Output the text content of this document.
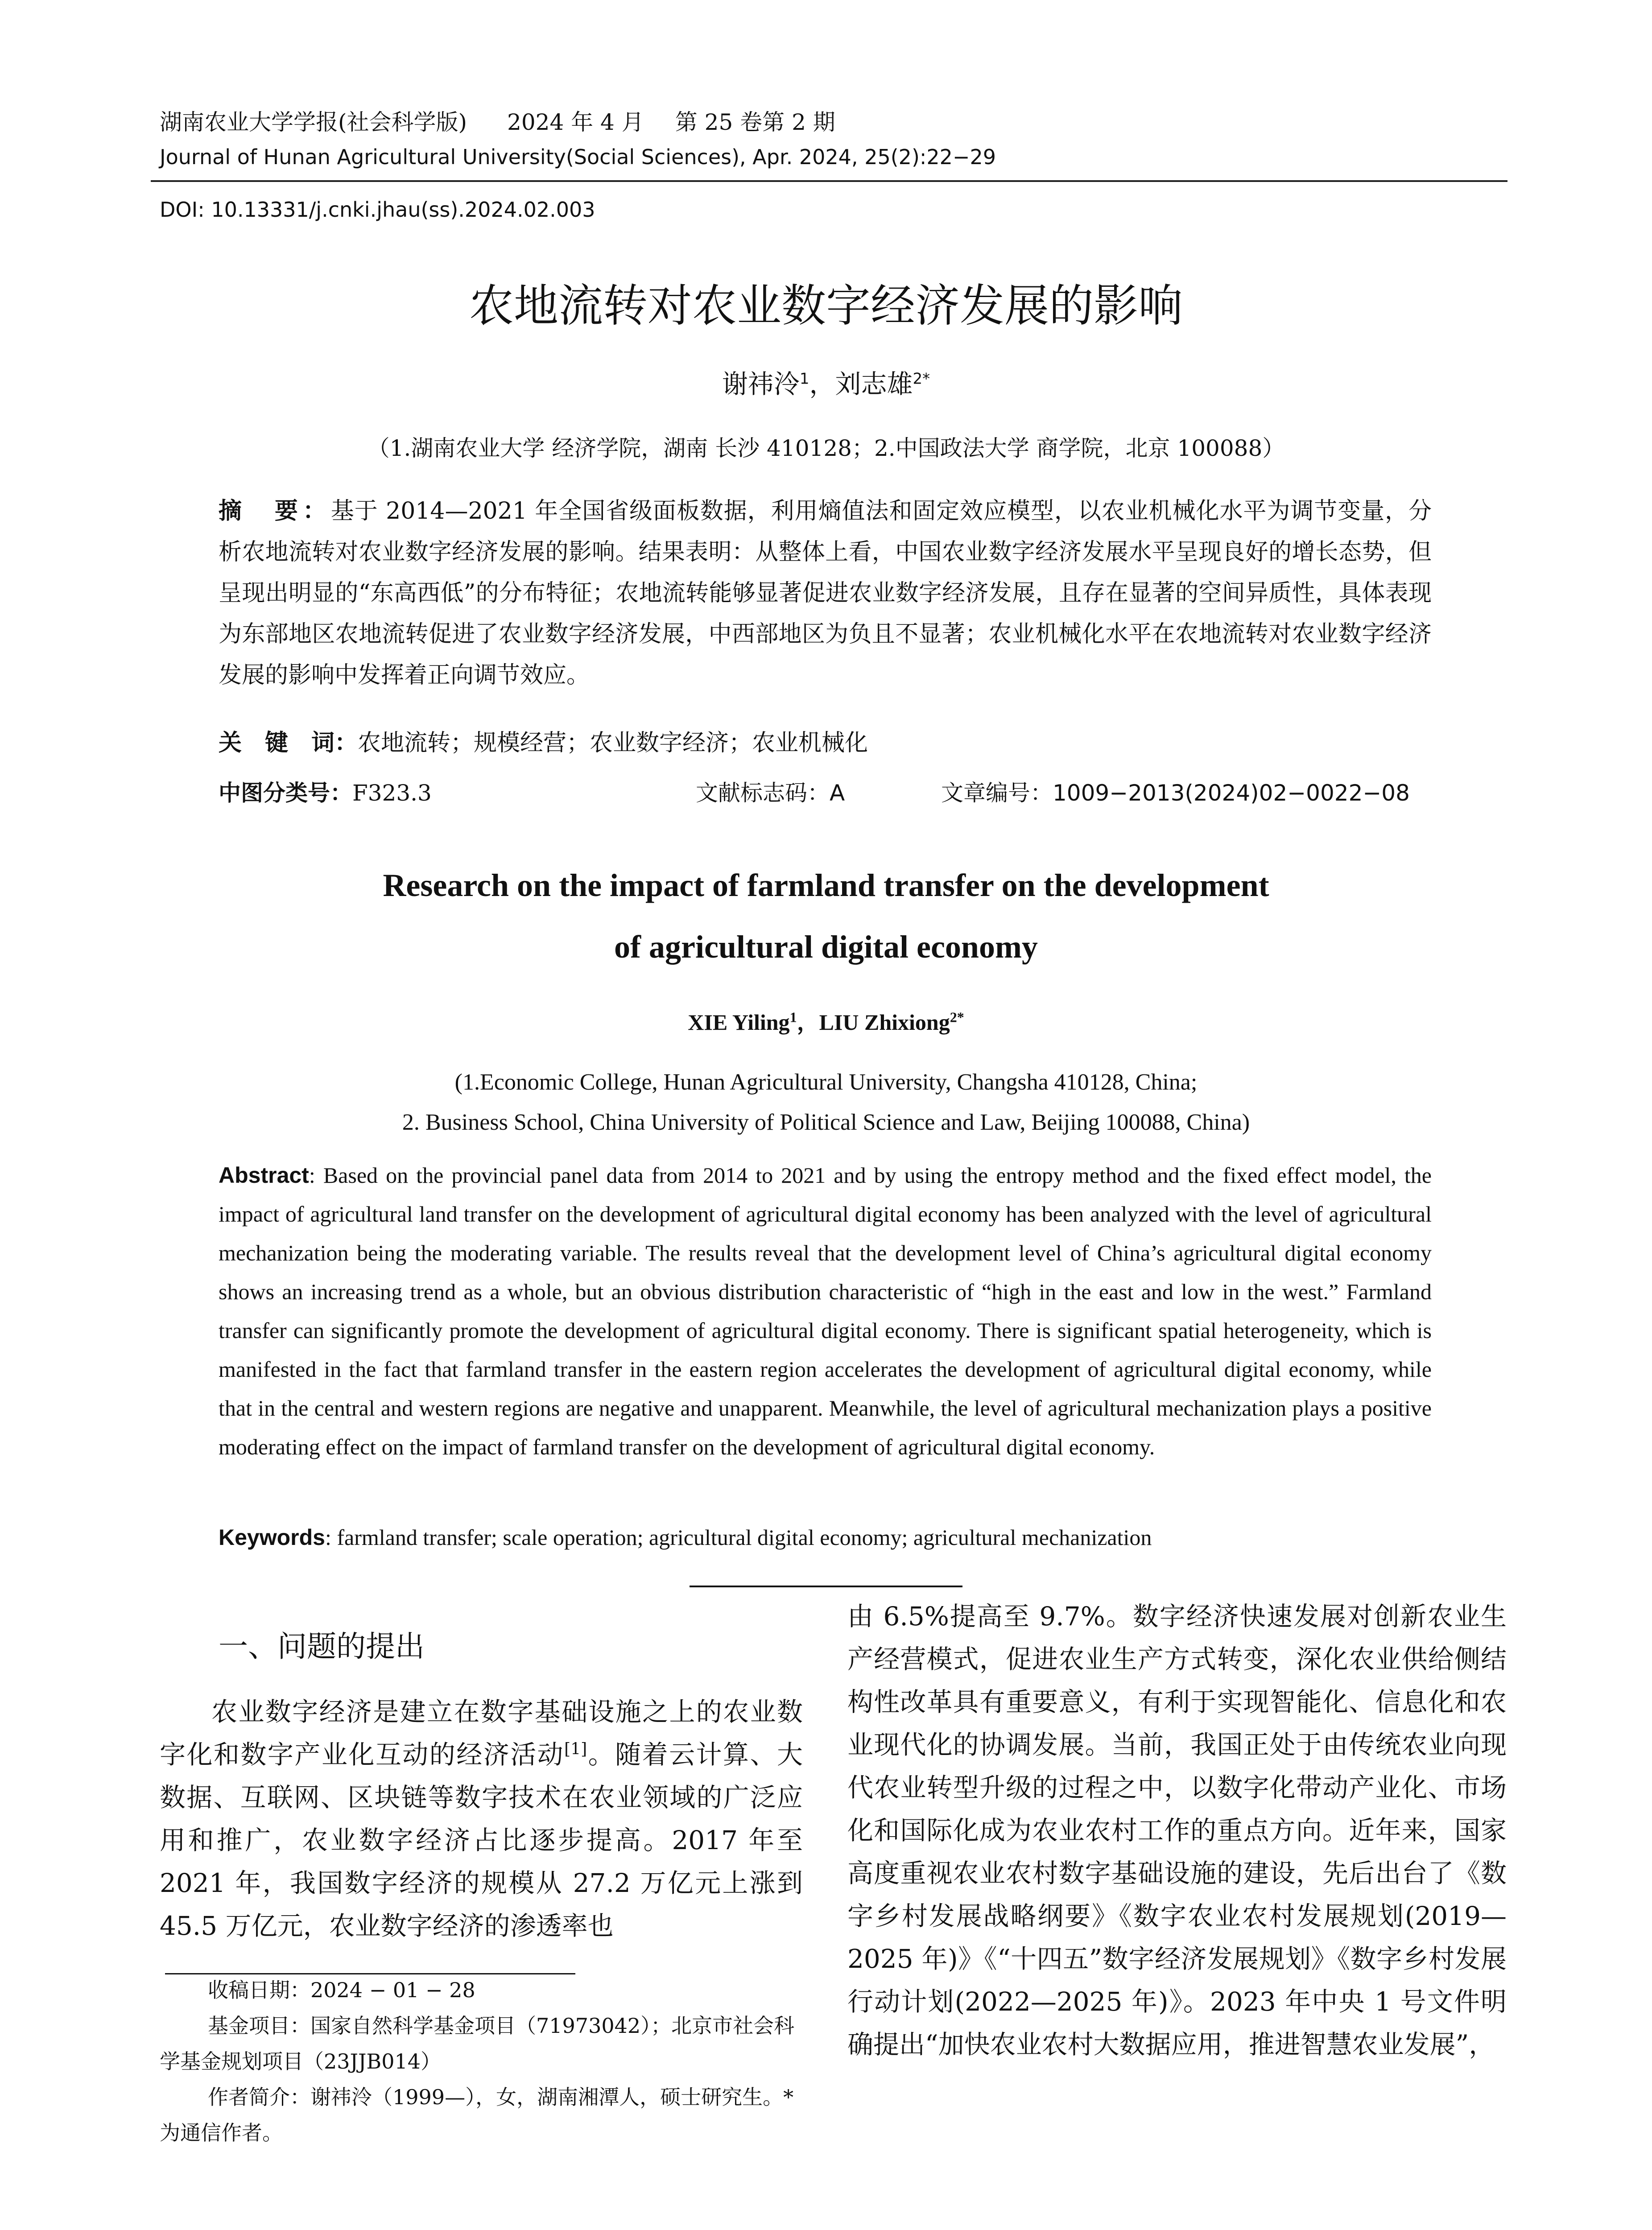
湖南农业大学学报(社会科学版) 2024 年 4 月 第 25 卷第 2 期
Journal of Hunan Agricultural University(Social Sciences), Apr. 2024, 25(2):22−29
DOI: 10.13331/j.cnki.jhau(ss).2024.02.003
农地流转对农业数字经济发展的影响
谢祎泠$^1$，刘志雄$^{2*}$
（1.湖南农业大学 经济学院，湖南 长沙 410128；2.中国政法大学 商学院，北京 100088）
摘　要：基于 2014—2021 年全国省级面板数据，利用熵值法和固定效应模型，以农业机械化水平为调节变量，分析农地流转对农业数字经济发展的影响。结果表明：从整体上看，中国农业数字经济发展水平呈现良好的增长态势，但呈现出明显的“东高西低”的分布特征；农地流转能够显著促进农业数字经济发展，且存在显著的空间异质性，具体表现为东部地区农地流转促进了农业数字经济发展，中西部地区为负且不显著；农业机械化水平在农地流转对农业数字经济发展的影响中发挥着正向调节效应。
关　键　词：农地流转；规模经营；农业数字经济；农业机械化
中图分类号：F323.3	文献标志码：A	文章编号：1009−2013(2024)02−0022−08
Research on the impact of farmland transfer on the development
of agricultural digital economy
XIE Yiling$^1$，LIU Zhixiong$^{2*}$
(1.Economic College, Hunan Agricultural University, Changsha 410128, China;
2. Business School, China University of Political Science and Law, Beijing 100088, China)
Abstract: Based on the provincial panel data from 2014 to 2021 and by using the entropy method and the fixed effect model, the impact of agricultural land transfer on the development of agricultural digital economy has been analyzed with the level of agricultural mechanization being the moderating variable. The results reveal that the development level of China’s agricultural digital economy shows an increasing trend as a whole, but an obvious distribution characteristic of “high in the east and low in the west.” Farmland transfer can significantly promote the development of agricultural digital economy. There is significant spatial heterogeneity, which is manifested in the fact that farmland transfer in the eastern region accelerates the development of agricultural digital economy, while that in the central and western regions are negative and unapparent. Meanwhile, the level of agricultural mechanization plays a positive moderating effect on the impact of farmland transfer on the development of agricultural digital economy.
Keywords: farmland transfer; scale operation; agricultural digital economy; agricultural mechanization
一、问题的提出

农业数字经济是建立在数字基础设施之上的农业数字化和数字产业化互动的经济活动[1]。随着云计算、大数据、互联网、区块链等数字技术在农业领域的广泛应用和推广，农业数字经济占比逐步提高。2017 年至 2021 年，我国数字经济的规模从 27.2 万亿元上涨到 45.5 万亿元，农业数字经济的渗透率也

收稿日期：2024 − 01 − 28
基金项目：国家自然科学基金项目（71973042）；北京市社会科学基金规划项目（23JJB014）
作者简介：谢祎泠（1999—），女，湖南湘潭人，硕士研究生。*为通信作者。

由 6.5%提高至 9.7%。数字经济快速发展对创新农业生产经营模式，促进农业生产方式转变，深化农业供给侧结构性改革具有重要意义，有利于实现智能化、信息化和农业现代化的协调发展。当前，我国正处于由传统农业向现代农业转型升级的过程之中，以数字化带动产业化、市场化和国际化成为农业农村工作的重点方向。近年来，国家高度重视农业农村数字基础设施的建设，先后出台了《数字乡村发展战略纲要》《数字农业农村发展规划(2019—2025 年)》《“十四五”数字经济发展规划》《数字乡村发展行动计划(2022—2025 年)》。2023 年中央 1 号文件明确提出“加快农业农村大数据应用，推进智慧农业发展”，
